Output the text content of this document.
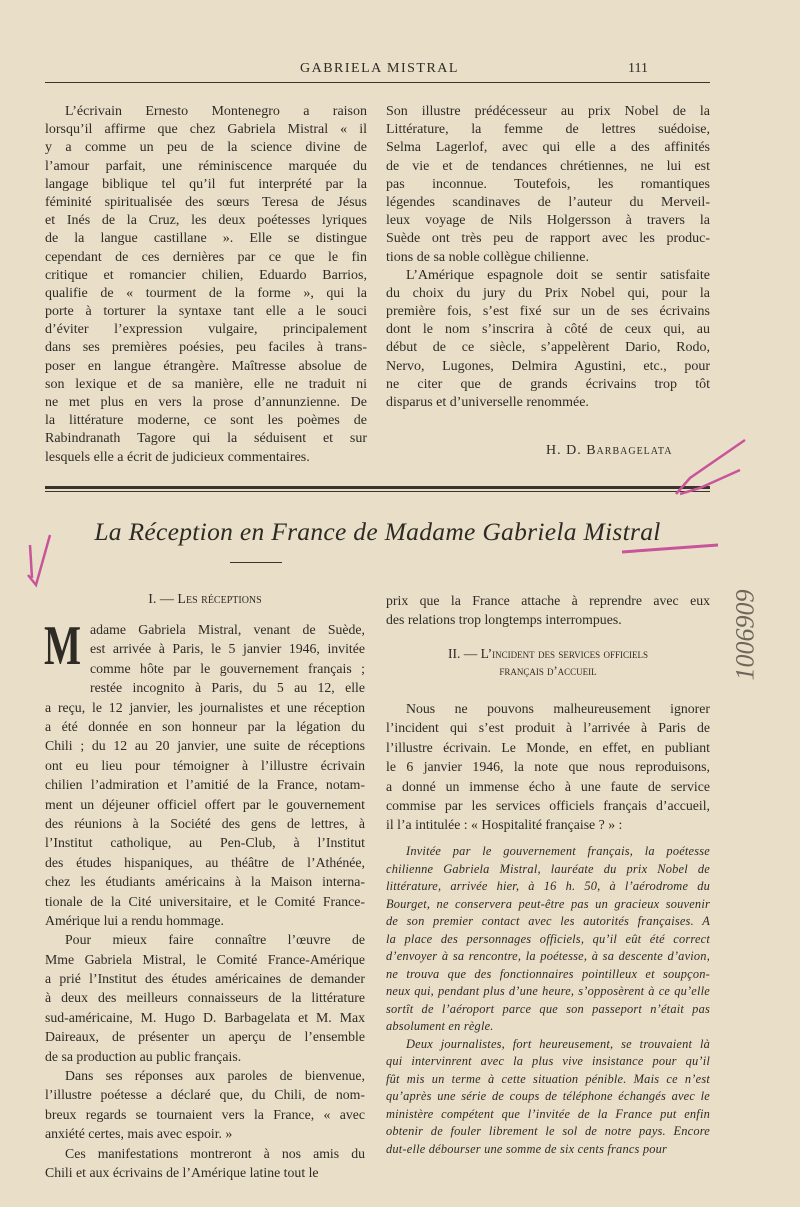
GABRIELA MISTRAL	111
L’écrivain Ernesto Montenegro a raison
lorsqu’il affirme que chez Gabriela Mistral « il
y a comme un peu de la science divine de
l’amour parfait, une réminiscence marquée du
langage biblique tel qu’il fut interprété par la
féminité spiritualisée des sœurs Teresa de Jésus
et Inés de la Cruz, les deux poétesses lyriques
de la langue castillane ». Elle se distingue
cependant de ces dernières par ce que le fin
critique et romancier chilien, Eduardo Barrios,
qualifie de « tourment de la forme », qui la
porte à torturer la syntaxe tant elle a le souci
d’éviter l’expression vulgaire, principalement
dans ses premières poésies, peu faciles à trans-
poser en langue étrangère. Maîtresse absolue de
son lexique et de sa manière, elle ne traduit ni
ne met plus en vers la prose d’annunzienne. De
la littérature moderne, ce sont les poèmes de
Rabindranath Tagore qui la séduisent et sur
lesquels elle a écrit de judicieux commentaires.
Son illustre prédécesseur au prix Nobel de la
Littérature, la femme de lettres suédoise,
Selma Lagerlof, avec qui elle a des affinités
de vie et de tendances chrétiennes, ne lui est
pas inconnue. Toutefois, les romantiques
légendes scandinaves de l’auteur du Merveil-
leux voyage de Nils Holgersson à travers la
Suède ont très peu de rapport avec les produc-
tions de sa noble collègue chilienne.
L’Amérique espagnole doit se sentir satisfaite
du choix du jury du Prix Nobel qui, pour la
première fois, s’est fixé sur un de ses écrivains
dont le nom s’inscrira à côté de ceux qui, au
début de ce siècle, s’appelèrent Dario, Rodo,
Nervo, Lugones, Delmira Agustini, etc., pour
ne citer que de grands écrivains trop tôt
disparus et d’universelle renommée.
H. D. Barbagelata
La Réception en France de Madame Gabriela Mistral
I. — Les réceptions
M adame Gabriela Mistral, venant de Suède,
est arrivée à Paris, le 5 janvier 1946, invitée
comme hôte par le gouvernement français ;
restée incognito à Paris, du 5 au 12, elle
a reçu, le 12 janvier, les journalistes et une réception
a été donnée en son honneur par la légation du
Chili ; du 12 au 20 janvier, une suite de réceptions
ont eu lieu pour témoigner à l’illustre écrivain
chilien l’admiration et l’amitié de la France, notam-
ment un déjeuner officiel offert par le gouvernement
des réunions à la Société des gens de lettres, à
l’Institut catholique, au Pen-Club, à l’Institut
des études hispaniques, au théâtre de l’Athénée,
chez les étudiants américains à la Maison interna-
tionale de la Cité universitaire, et le Comité France-
Amérique lui a rendu hommage.
Pour mieux faire connaître l’œuvre de
Mme Gabriela Mistral, le Comité France-Amérique
a prié l’Institut des études américaines de demander
à deux des meilleurs connaisseurs de la littérature
sud-américaine, M. Hugo D. Barbagelata et M. Max
Daireaux, de présenter un aperçu de l’ensemble
de sa production au public français.
Dans ses réponses aux paroles de bienvenue,
l’illustre poétesse a déclaré que, du Chili, de nom-
breux regards se tournaient vers la France, « avec
anxiété certes, mais avec espoir. »
Ces manifestations montreront à nos amis du
Chili et aux écrivains de l’Amérique latine tout le
prix que la France attache à reprendre avec eux
des relations trop longtemps interrompues.
II. — L’incident des services officiels
français d’accueil
Nous ne pouvons malheureusement ignorer
l’incident qui s’est produit à l’arrivée à Paris de
l’illustre écrivain. Le Monde, en effet, en publiant
le 6 janvier 1946, la note que nous reproduisons,
a donné un immense écho à une faute de service
commise par les services officiels français d’accueil,
il l’a intitulée : « Hospitalité française ? » :
Invitée par le gouvernement français, la poétesse
chilienne Gabriela Mistral, lauréate du prix Nobel de
littérature, arrivée hier, à 16 h. 50, à l’aérodrome du
Bourget, ne conservera peut-être pas un gracieux souvenir
de son premier contact avec les autorités françaises. A
la place des personnages officiels, qu’il eût été correct
d’envoyer à sa rencontre, la poétesse, à sa descente d’avion,
ne trouva que des fonctionnaires pointilleux et soupçon-
neux qui, pendant plus d’une heure, s’opposèrent à ce qu’elle
sortît de l’aéroport parce que son passeport n’était pas
absolument en règle.
Deux journalistes, fort heureusement, se trouvaient là
qui intervinrent avec la plus vive insistance pour qu’il
fût mis un terme à cette situation pénible. Mais ce n’est
qu’après une série de coups de téléphone échangés avec le
ministère compétent que l’invitée de la France put enfin
obtenir de fouler librement le sol de notre pays. Encore
dut-elle débourser une somme de six cents francs pour
1006909
